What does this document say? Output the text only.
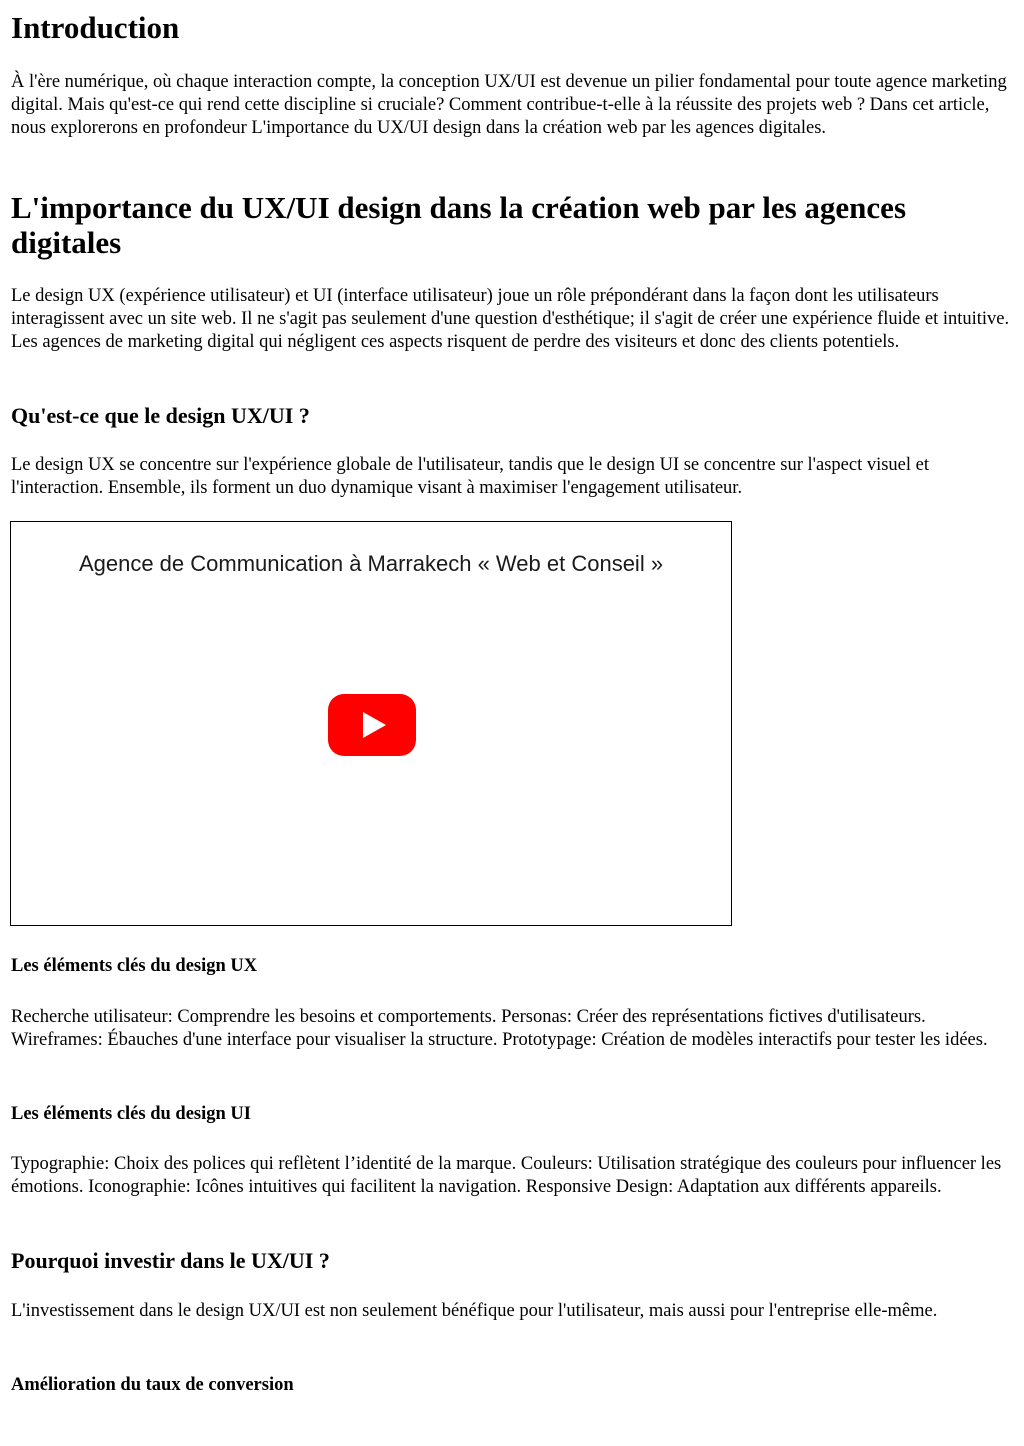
Introduction

À l'ère numérique, où chaque interaction compte, la conception UX/UI est devenue un pilier fondamental pour toute agence marketing digital. Mais qu'est-ce qui rend cette discipline si cruciale? Comment contribue-t-elle à la réussite des projets web ? Dans cet article, nous explorerons en profondeur L'importance du UX/UI design dans la création web par les agences digitales.

L'importance du UX/UI design dans la création web par les agences digitales

Le design UX (expérience utilisateur) et UI (interface utilisateur) joue un rôle prépondérant dans la façon dont les utilisateurs interagissent avec un site web. Il ne s'agit pas seulement d'une question d'esthétique; il s'agit de créer une expérience fluide et intuitive. Les agences de marketing digital qui négligent ces aspects risquent de perdre des visiteurs et donc des clients potentiels.

Qu'est-ce que le design UX/UI ?

Le design UX se concentre sur l'expérience globale de l'utilisateur, tandis que le design UI se concentre sur l'aspect visuel et l'interaction. Ensemble, ils forment un duo dynamique visant à maximiser l'engagement utilisateur.

Agence de Communication à Marrakech « Web et Conseil »
Les éléments clés du design UX

Recherche utilisateur: Comprendre les besoins et comportements. Personas: Créer des représentations fictives d'utilisateurs. Wireframes: Ébauches d'une interface pour visualiser la structure. Prototypage: Création de modèles interactifs pour tester les idées.

Les éléments clés du design UI

Typographie: Choix des polices qui reflètent l’identité de la marque. Couleurs: Utilisation stratégique des couleurs pour influencer les émotions. Iconographie: Icônes intuitives qui facilitent la navigation. Responsive Design: Adaptation aux différents appareils.

Pourquoi investir dans le UX/UI ?

L'investissement dans le design UX/UI est non seulement bénéfique pour l'utilisateur, mais aussi pour l'entreprise elle-même.

Amélioration du taux de conversion
